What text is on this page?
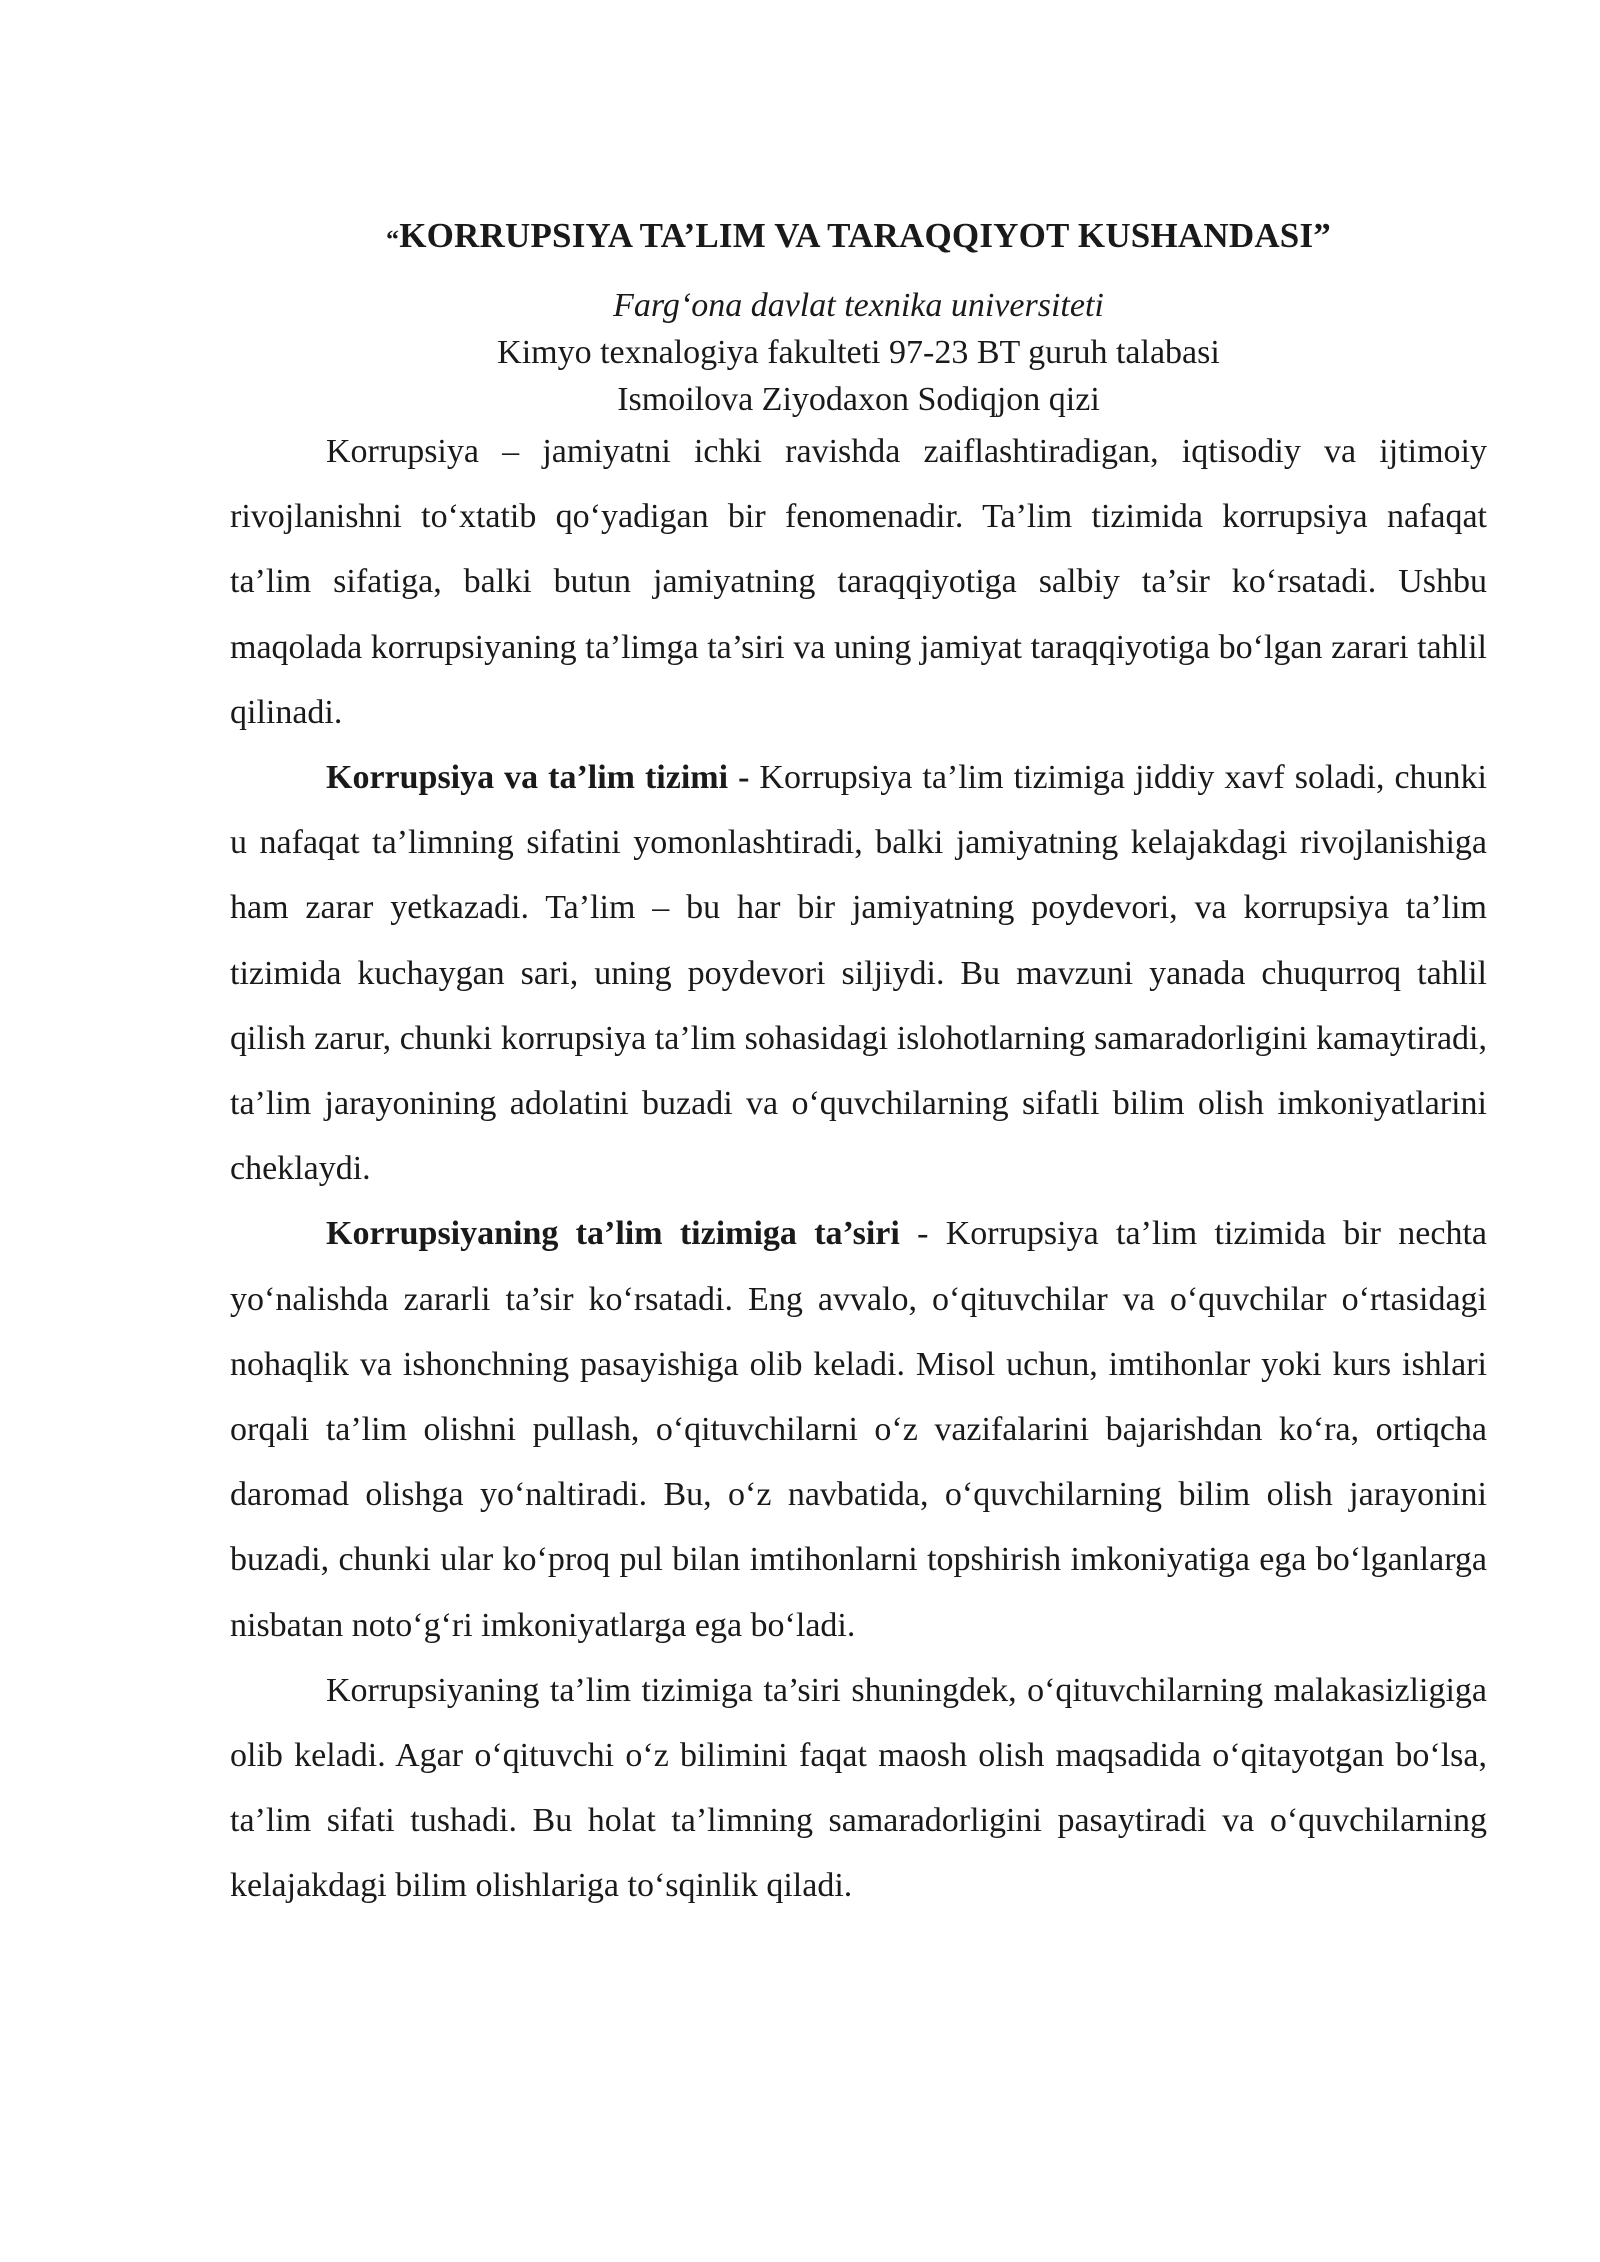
“KORRUPSIYA TA’LIM VA TARAQQIYOT KUSHANDASI”
Farg‘ona davlat texnika universiteti
Kimyo texnalogiya fakulteti 97-23 BT guruh talabasi
Ismoilova Ziyodaxon Sodiqjon qizi

Korrupsiya – jamiyatni ichki ravishda zaiflashtiradigan, iqtisodiy va ijtimoiy rivojlanishni to‘xtatib qo‘yadigan bir fenomenadir. Ta’lim tizimida korrupsiya nafaqat ta’lim sifatiga, balki butun jamiyatning taraqqiyotiga salbiy ta’sir ko‘rsatadi. Ushbu maqolada korrupsiyaning ta’limga ta’siri va uning jamiyat taraqqiyotiga bo‘lgan zarari tahlil qilinadi.

Korrupsiya va ta’lim tizimi - Korrupsiya ta’lim tizimiga jiddiy xavf soladi, chunki u nafaqat ta’limning sifatini yomonlashtiradi, balki jamiyatning kelajakdagi rivojlanishiga ham zarar yetkazadi. Ta’lim – bu har bir jamiyatning poydevori, va korrupsiya ta’lim tizimida kuchaygan sari, uning poydevori siljiydi. Bu mavzuni yanada chuqurroq tahlil qilish zarur, chunki korrupsiya ta’lim sohasidagi islohotlarning samaradorligini kamaytiradi, ta’lim jarayonining adolatini buzadi va o‘quvchilarning sifatli bilim olish imkoniyatlarini cheklaydi.

Korrupsiyaning ta’lim tizimiga ta’siri - Korrupsiya ta’lim tizimida bir nechta yo‘nalishda zararli ta’sir ko‘rsatadi. Eng avvalo, o‘qituvchilar va o‘quvchilar o‘rtasidagi nohaqlik va ishonchning pasayishiga olib keladi. Misol uchun, imtihonlar yoki kurs ishlari orqali ta’lim olishni pullash, o‘qituvchilarni o‘z vazifalarini bajarishdan ko‘ra, ortiqcha daromad olishga yo‘naltiradi. Bu, o‘z navbatida, o‘quvchilarning bilim olish jarayonini buzadi, chunki ular ko‘proq pul bilan imtihonlarni topshirish imkoniyatiga ega bo‘lganlarga nisbatan noto‘g‘ri imkoniyatlarga ega bo‘ladi.

Korrupsiyaning ta’lim tizimiga ta’siri shuningdek, o‘qituvchilarning malakasizligiga olib keladi. Agar o‘qituvchi o‘z bilimini faqat maosh olish maqsadida o‘qitayotgan bo‘lsa, ta’lim sifati tushadi. Bu holat ta’limning samaradorligini pasaytiradi va o‘quvchilarning kelajakdagi bilim olishlariga to‘sqinlik qiladi.
